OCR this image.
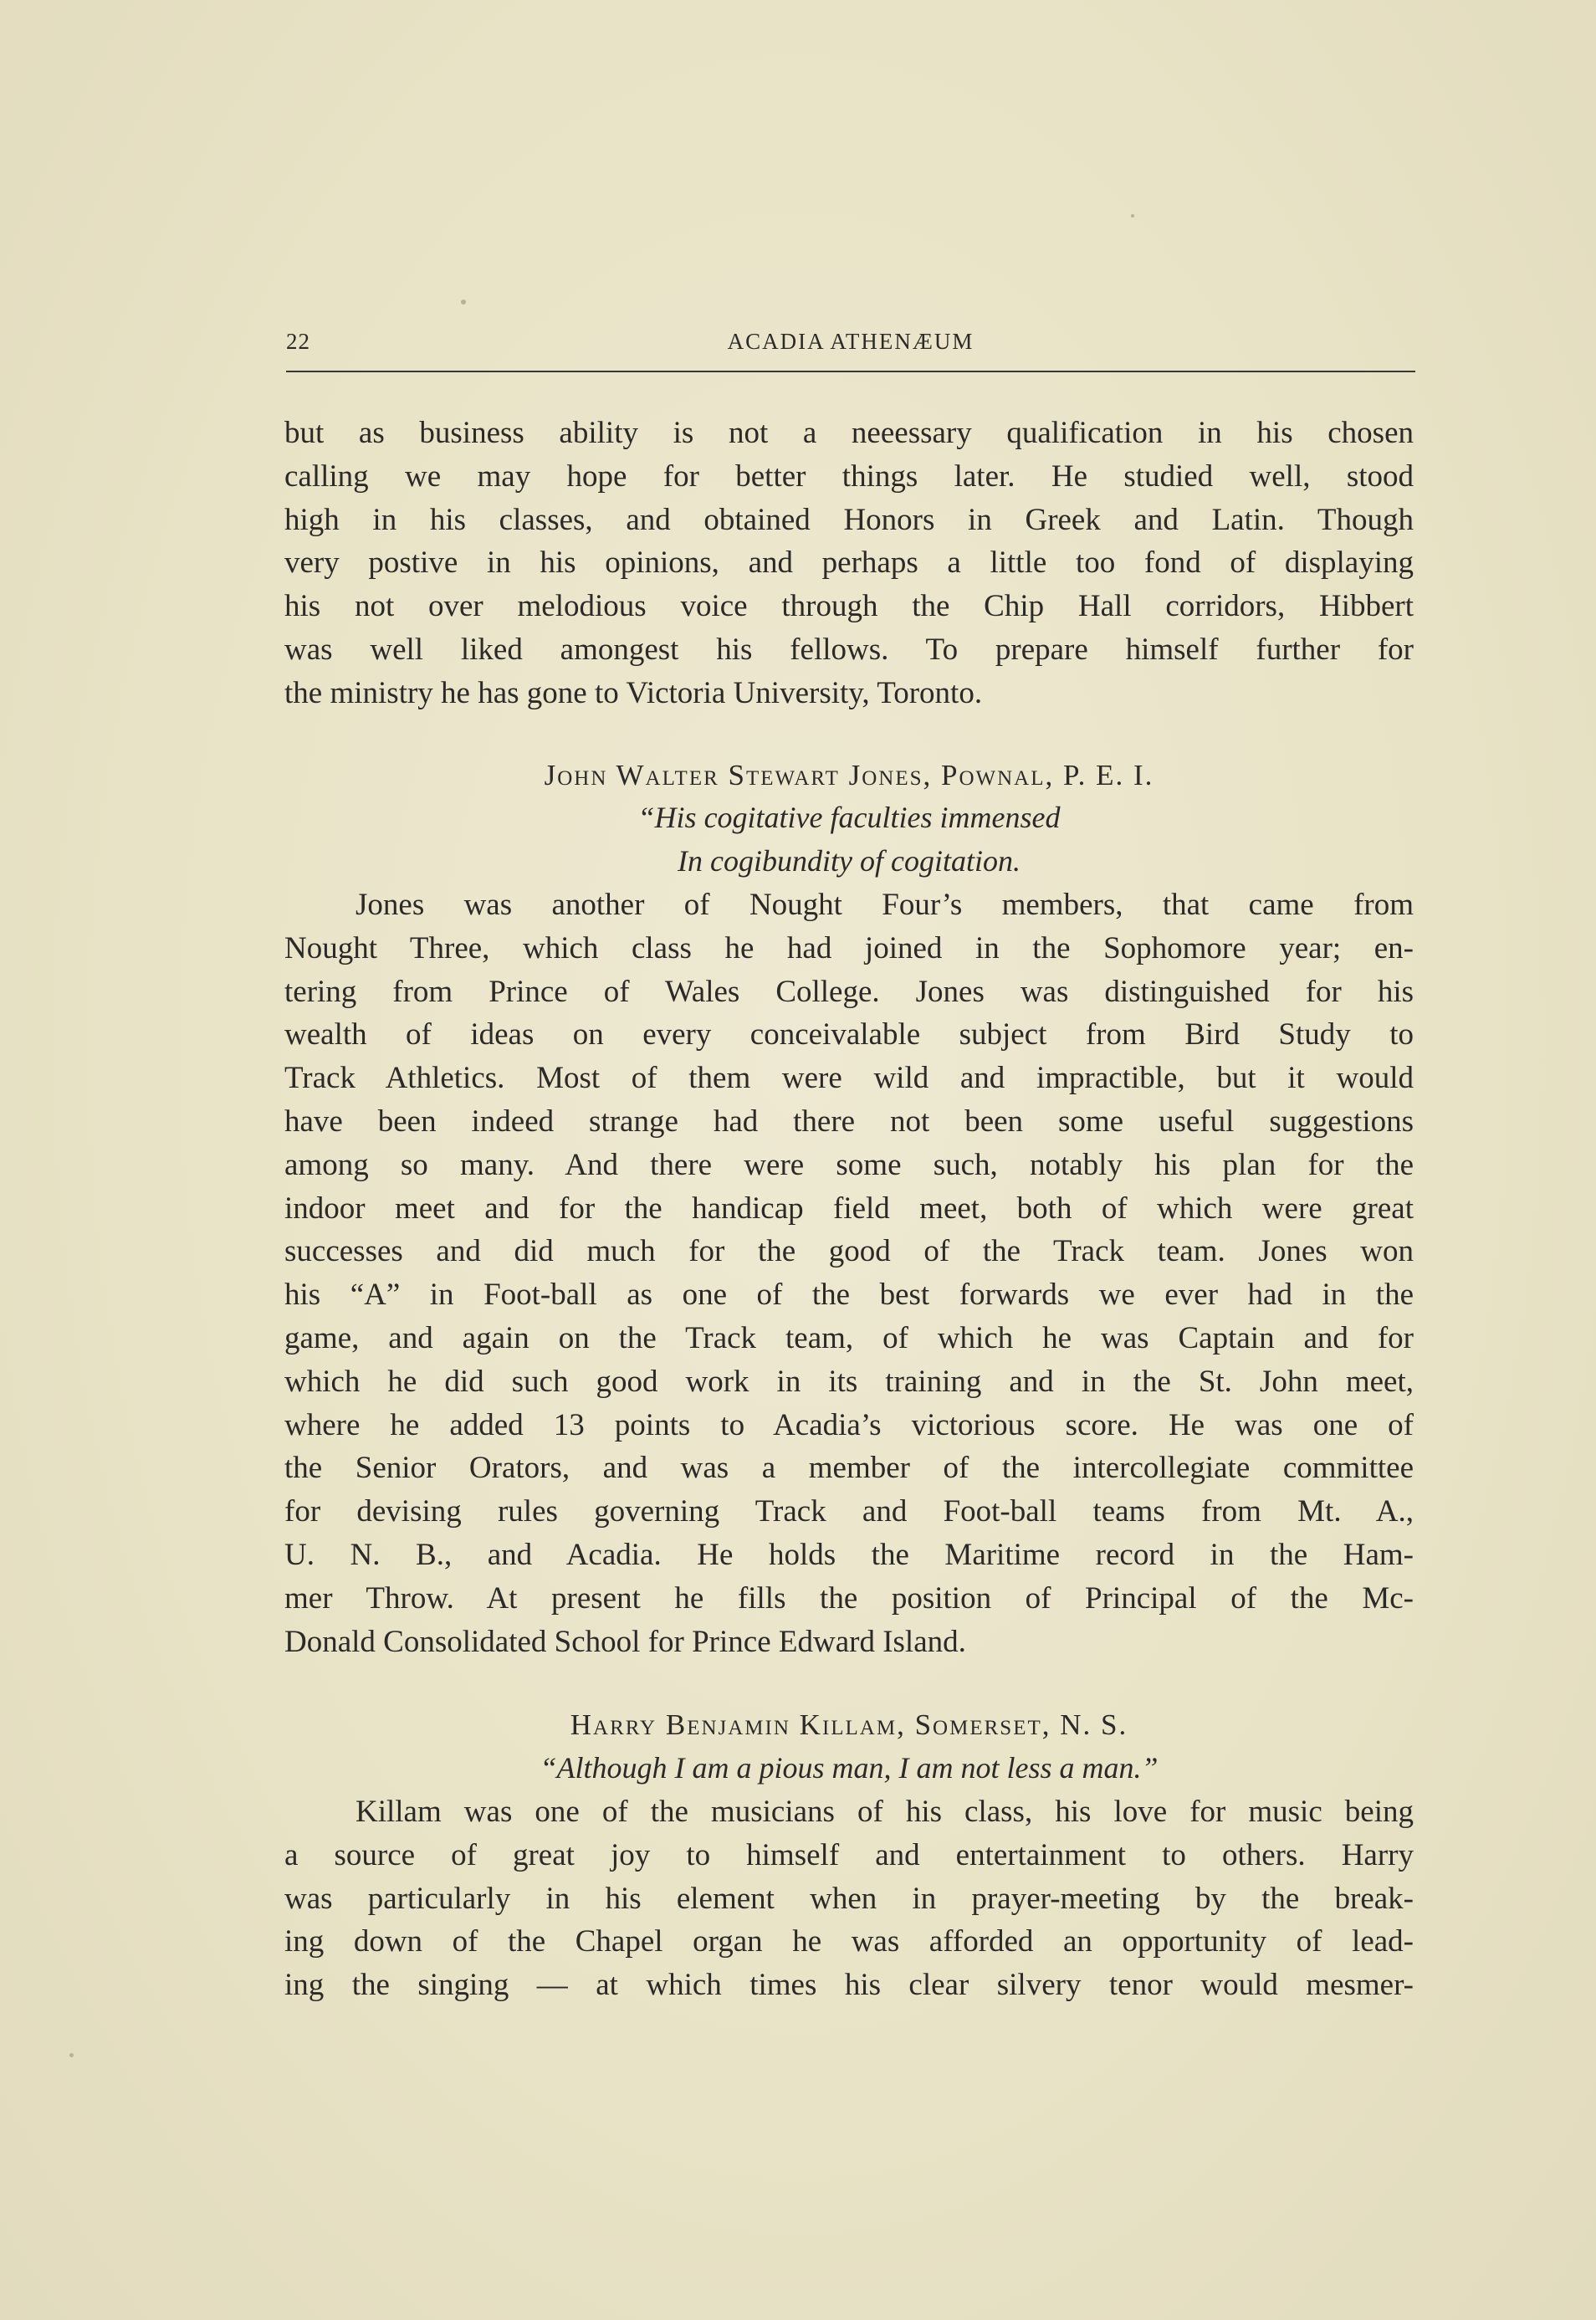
22	ACADIA ATHENÆUM
but as business ability is not a neeessary qualification in his chosen
calling we may hope for better things later. He studied well, stood
high in his classes, and obtained Honors in Greek and Latin. Though
very postive in his opinions, and perhaps a little too fond of displaying
his not over melodious voice through the Chip Hall corridors, Hibbert
was well liked amongest his fellows. To prepare himself further for
the ministry he has gone to Victoria University, Toronto.
John Walter Stewart Jones, Pownal, P. E. I.
“His cogitative faculties immensed
In cogibundity of cogitation.
Jones was another of Nought Four’s members, that came from
Nought Three, which class he had joined in the Sophomore year; en-
tering from Prince of Wales College. Jones was distinguished for his
wealth of ideas on every conceivalable subject from Bird Study to
Track Athletics. Most of them were wild and impractible, but it would
have been indeed strange had there not been some useful suggestions
among so many. And there were some such, notably his plan for the
indoor meet and for the handicap field meet, both of which were great
successes and did much for the good of the Track team. Jones won
his “A” in Foot-ball as one of the best forwards we ever had in the
game, and again on the Track team, of which he was Captain and for
which he did such good work in its training and in the St. John meet,
where he added 13 points to Acadia’s victorious score. He was one of
the Senior Orators, and was a member of the intercollegiate committee
for devising rules governing Track and Foot-ball teams from Mt. A.,
U. N. B., and Acadia. He holds the Maritime record in the Ham-
mer Throw. At present he fills the position of Principal of the Mc-
Donald Consolidated School for Prince Edward Island.
Harry Benjamin Killam, Somerset, N. S.
“Although I am a pious man, I am not less a man.”
Killam was one of the musicians of his class, his love for music being
a source of great joy to himself and entertainment to others. Harry
was particularly in his element when in prayer-meeting by the break-
ing down of the Chapel organ he was afforded an opportunity of lead-
ing the singing — at which times his clear silvery tenor would mesmer-
